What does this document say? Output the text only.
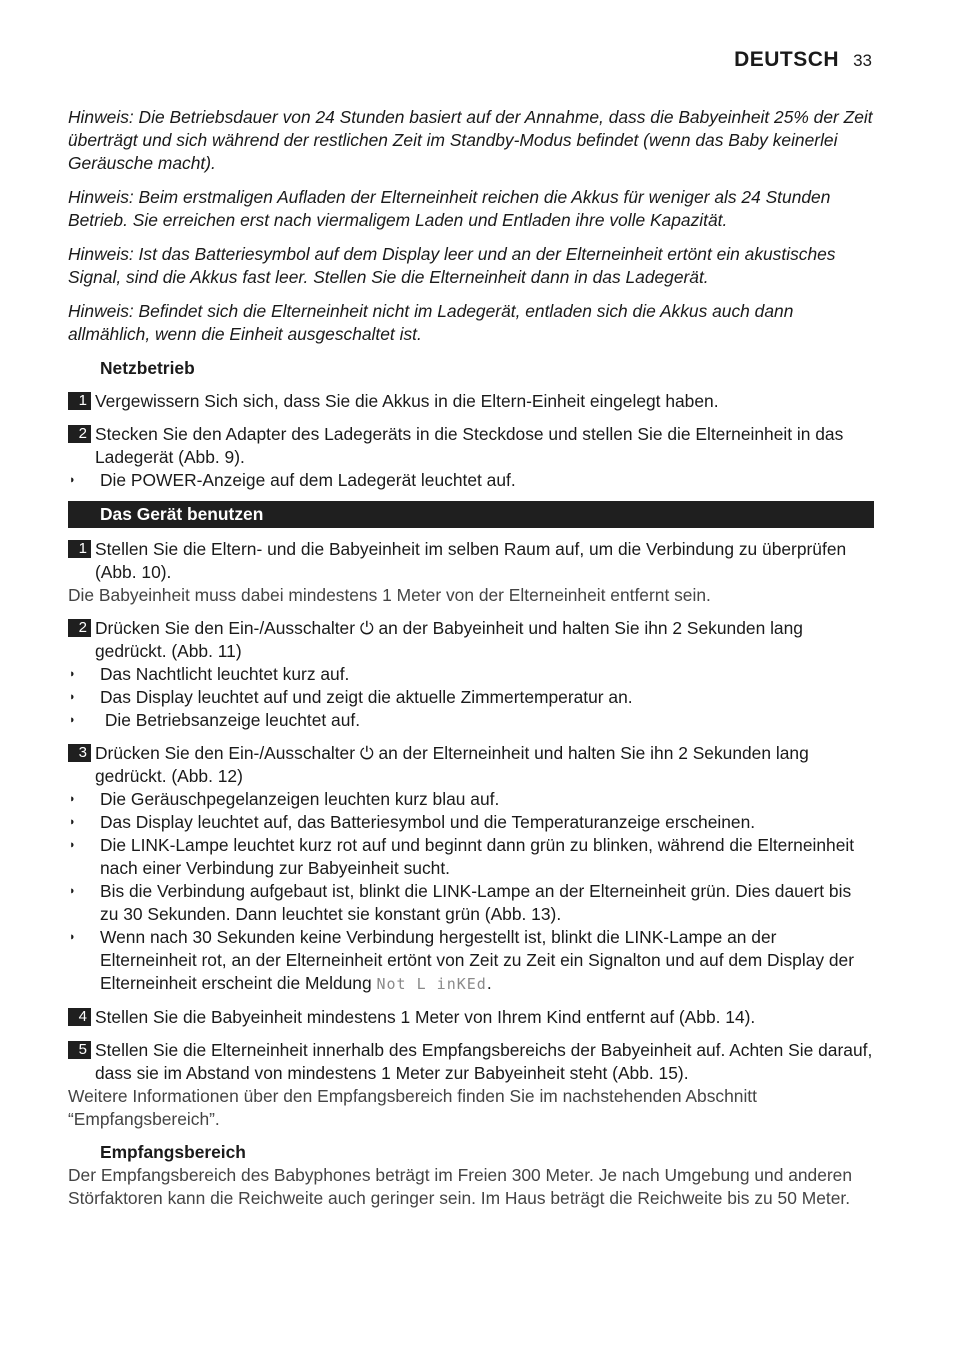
DEUTSCH 33

Hinweis: Die Betriebsdauer von 24 Stunden basiert auf der Annahme, dass die Babyeinheit 25% der Zeit überträgt und sich während der restlichen Zeit im Standby-Modus befindet (wenn das Baby keinerlei Geräusche macht).

Hinweis: Beim erstmaligen Aufladen der Elterneinheit reichen die Akkus für weniger als 24 Stunden Betrieb. Sie erreichen erst nach viermaligem Laden und Entladen ihre volle Kapazität.

Hinweis: Ist das Batteriesymbol auf dem Display leer und an der Elterneinheit ertönt ein akustisches Signal, sind die Akkus fast leer. Stellen Sie die Elterneinheit dann in das Ladegerät.

Hinweis: Befindet sich die Elterneinheit nicht im Ladegerät, entladen sich die Akkus auch dann allmählich, wenn die Einheit ausgeschaltet ist.

Netzbetrieb
1 Vergewissern Sich sich, dass Sie die Akkus in die Eltern-Einheit eingelegt haben.
2 Stecken Sie den Adapter des Ladegeräts in die Steckdose und stellen Sie die Elterneinheit in das Ladegerät (Abb. 9).
◗	Die POWER-Anzeige auf dem Ladegerät leuchtet auf.
Das Gerät benutzen
1 Stellen Sie die Eltern- und die Babyeinheit im selben Raum auf, um die Verbindung zu überprüfen (Abb. 10).
Die Babyeinheit muss dabei mindestens 1 Meter von der Elterneinheit entfernt sein.
2 Drücken Sie den Ein-/Ausschalter ⏻ an der Babyeinheit und halten Sie ihn 2 Sekunden lang gedrückt. (Abb. 11)
◗	Das Nachtlicht leuchtet kurz auf.
◗	Das Display leuchtet auf und zeigt die aktuelle Zimmertemperatur an.
◗	Die Betriebsanzeige leuchtet auf.
3 Drücken Sie den Ein-/Ausschalter ⏻ an der Elterneinheit und halten Sie ihn 2 Sekunden lang gedrückt. (Abb. 12)
◗	Die Geräuschpegelanzeigen leuchten kurz blau auf.
◗	Das Display leuchtet auf, das Batteriesymbol und die Temperaturanzeige erscheinen.
◗	Die LINK-Lampe leuchtet kurz rot auf und beginnt dann grün zu blinken, während die Elterneinheit nach einer Verbindung zur Babyeinheit sucht.
◗	Bis die Verbindung aufgebaut ist, blinkt die LINK-Lampe an der Elterneinheit grün. Dies dauert bis zu 30 Sekunden. Dann leuchtet sie konstant grün (Abb. 13).
◗	Wenn nach 30 Sekunden keine Verbindung hergestellt ist, blinkt die LINK-Lampe an der Elterneinheit rot, an der Elterneinheit ertönt von Zeit zu Zeit ein Signalton und auf dem Display der Elterneinheit erscheint die Meldung Not L inKEd.
4 Stellen Sie die Babyeinheit mindestens 1 Meter von Ihrem Kind entfernt auf (Abb. 14).
5 Stellen Sie die Elterneinheit innerhalb des Empfangsbereichs der Babyeinheit auf. Achten Sie darauf, dass sie im Abstand von mindestens 1 Meter zur Babyeinheit steht (Abb. 15).
Weitere Informationen über den Empfangsbereich finden Sie im nachstehenden Abschnitt “Empfangsbereich”.
Empfangsbereich
Der Empfangsbereich des Babyphones beträgt im Freien 300 Meter. Je nach Umgebung und anderen Störfaktoren kann die Reichweite auch geringer sein. Im Haus beträgt die Reichweite bis zu 50 Meter.
